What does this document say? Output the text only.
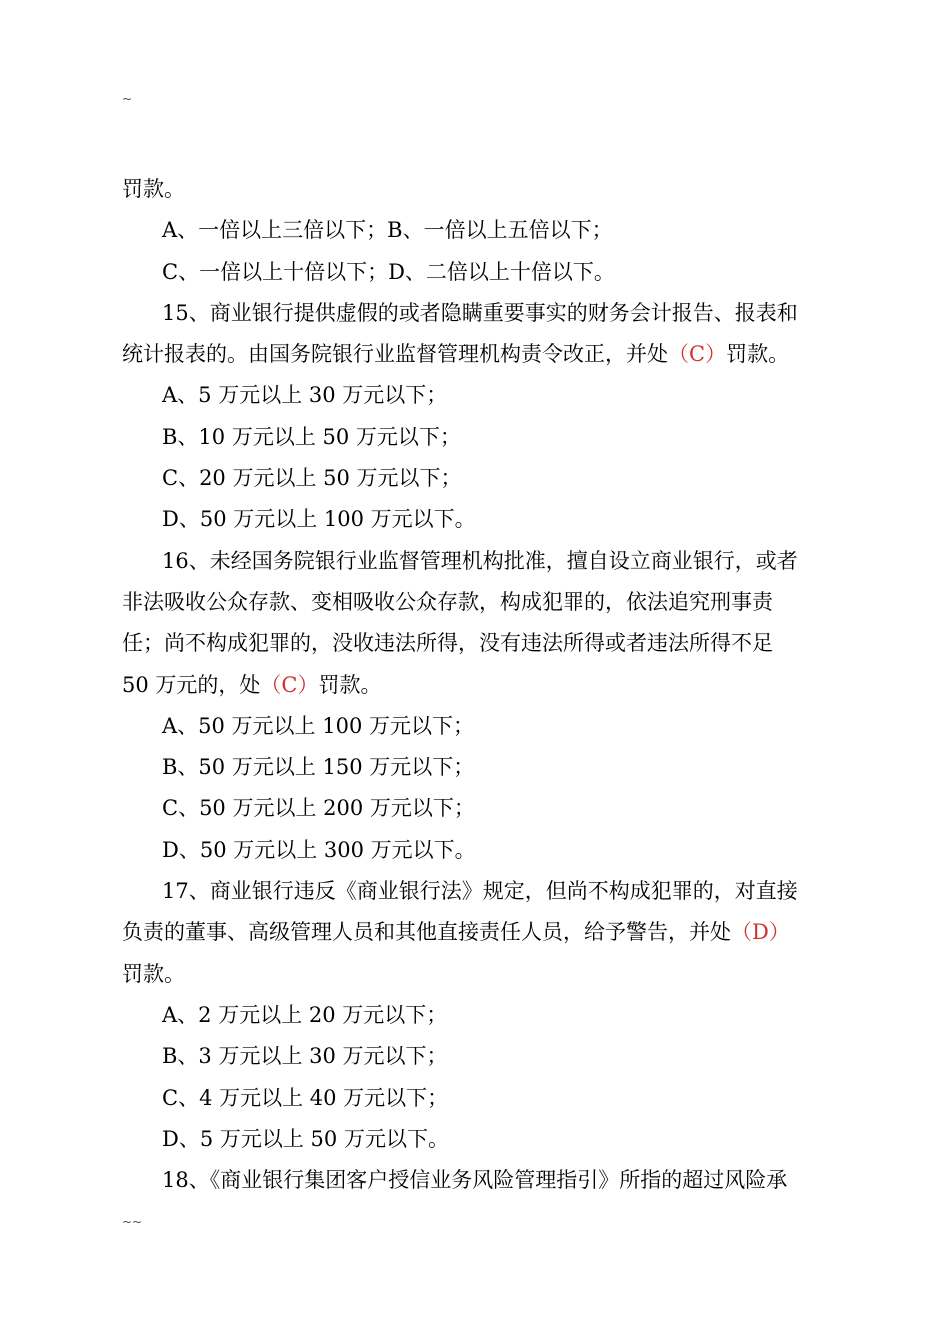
~
罚款。
A、一倍以上三倍以下；B、一倍以上五倍以下；
C、一倍以上十倍以下；D、二倍以上十倍以下。
15、商业银行提供虚假的或者隐瞒重要事实的财务会计报告、报表和
统计报表的。由国务院银行业监督管理机构责令改正，并处（C）罚款。
A、5 万元以上 30 万元以下；
B、10 万元以上 50 万元以下；
C、20 万元以上 50 万元以下；
D、50 万元以上 100 万元以下。
16、未经国务院银行业监督管理机构批准，擅自设立商业银行，或者
非法吸收公众存款、变相吸收公众存款，构成犯罪的，依法追究刑事责
任；尚不构成犯罪的，没收违法所得，没有违法所得或者违法所得不足
50 万元的，处（C）罚款。
A、50 万元以上 100 万元以下；
B、50 万元以上 150 万元以下；
C、50 万元以上 200 万元以下；
D、50 万元以上 300 万元以下。
17、商业银行违反《商业银行法》规定，但尚不构成犯罪的，对直接
负责的董事、高级管理人员和其他直接责任人员，给予警告，并处（D）
罚款。
A、2 万元以上 20 万元以下；
B、3 万元以上 30 万元以下；
C、4 万元以上 40 万元以下；
D、5 万元以上 50 万元以下。
18、《商业银行集团客户授信业务风险管理指引》所指的超过风险承
~~
